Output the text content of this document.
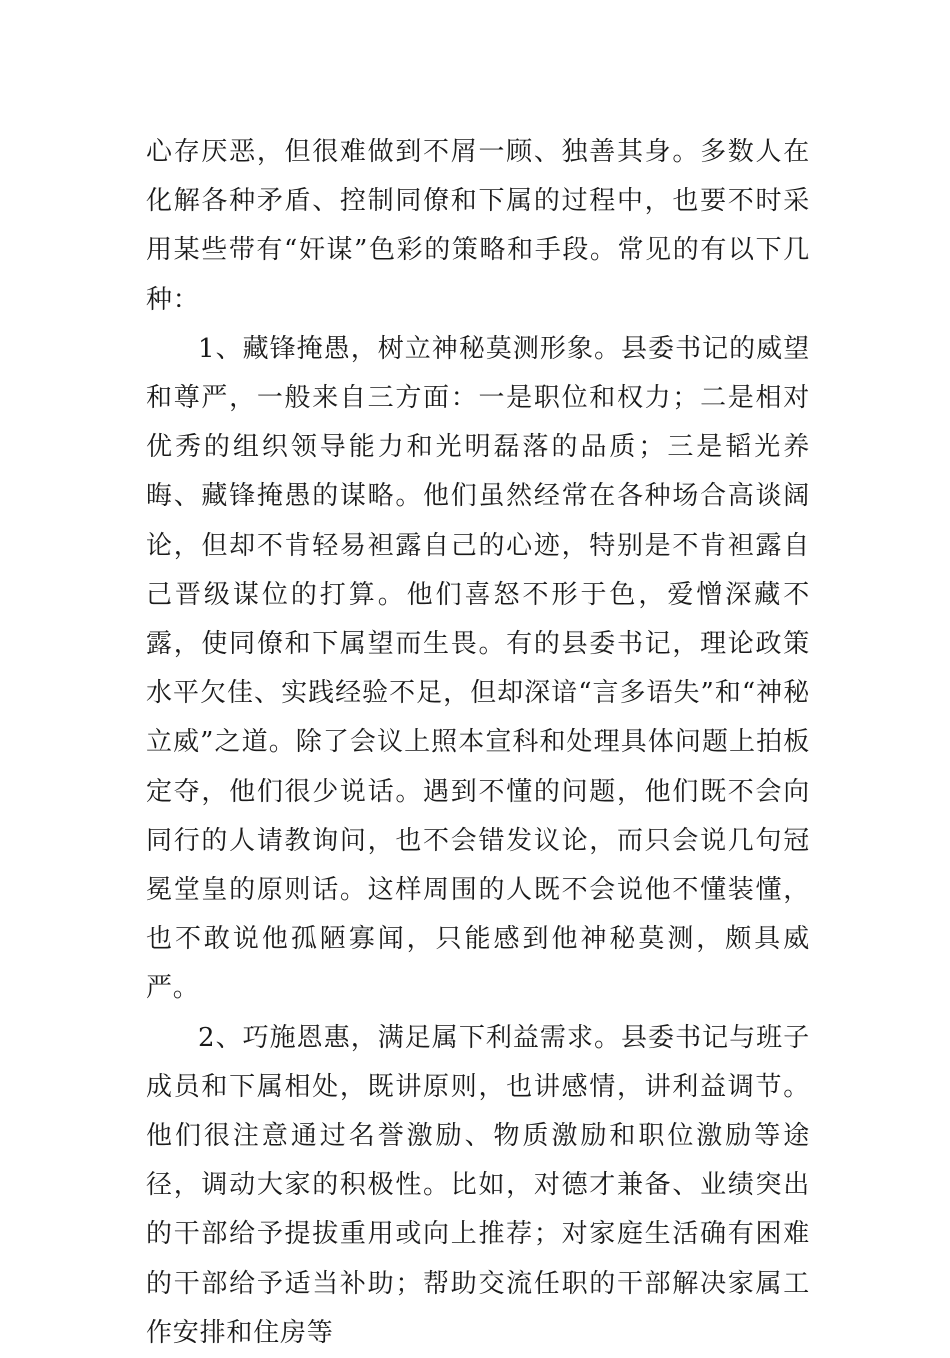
心存厌恶，但很难做到不屑一顾、独善其身。多数人在化解各种矛盾、控制同僚和下属的过程中，也要不时采用某些带有“奸谋”色彩的策略和手段。常见的有以下几种：

1、藏锋掩愚，树立神秘莫测形象。县委书记的威望和尊严，一般来自三方面：一是职位和权力；二是相对优秀的组织领导能力和光明磊落的品质；三是韬光养晦、藏锋掩愚的谋略。他们虽然经常在各种场合高谈阔论，但却不肯轻易袒露自己的心迹，特别是不肯袒露自己晋级谋位的打算。他们喜怒不形于色，爱憎深藏不露，使同僚和下属望而生畏。有的县委书记，理论政策水平欠佳、实践经验不足，但却深谙“言多语失”和“神秘立威”之道。除了会议上照本宣科和处理具体问题上拍板定夺，他们很少说话。遇到不懂的问题，他们既不会向同行的人请教询问，也不会错发议论，而只会说几句冠冕堂皇的原则话。这样周围的人既不会说他不懂装懂，也不敢说他孤陋寡闻，只能感到他神秘莫测，颇具威严。

2、巧施恩惠，满足属下利益需求。县委书记与班子成员和下属相处，既讲原则，也讲感情，讲利益调节。他们很注意通过名誉激励、物质激励和职位激励等途径，调动大家的积极性。比如，对德才兼备、业绩突出的干部给予提拔重用或向上推荐；对家庭生活确有困难的干部给予适当补助；帮助交流任职的干部解决家属工作安排和住房等
